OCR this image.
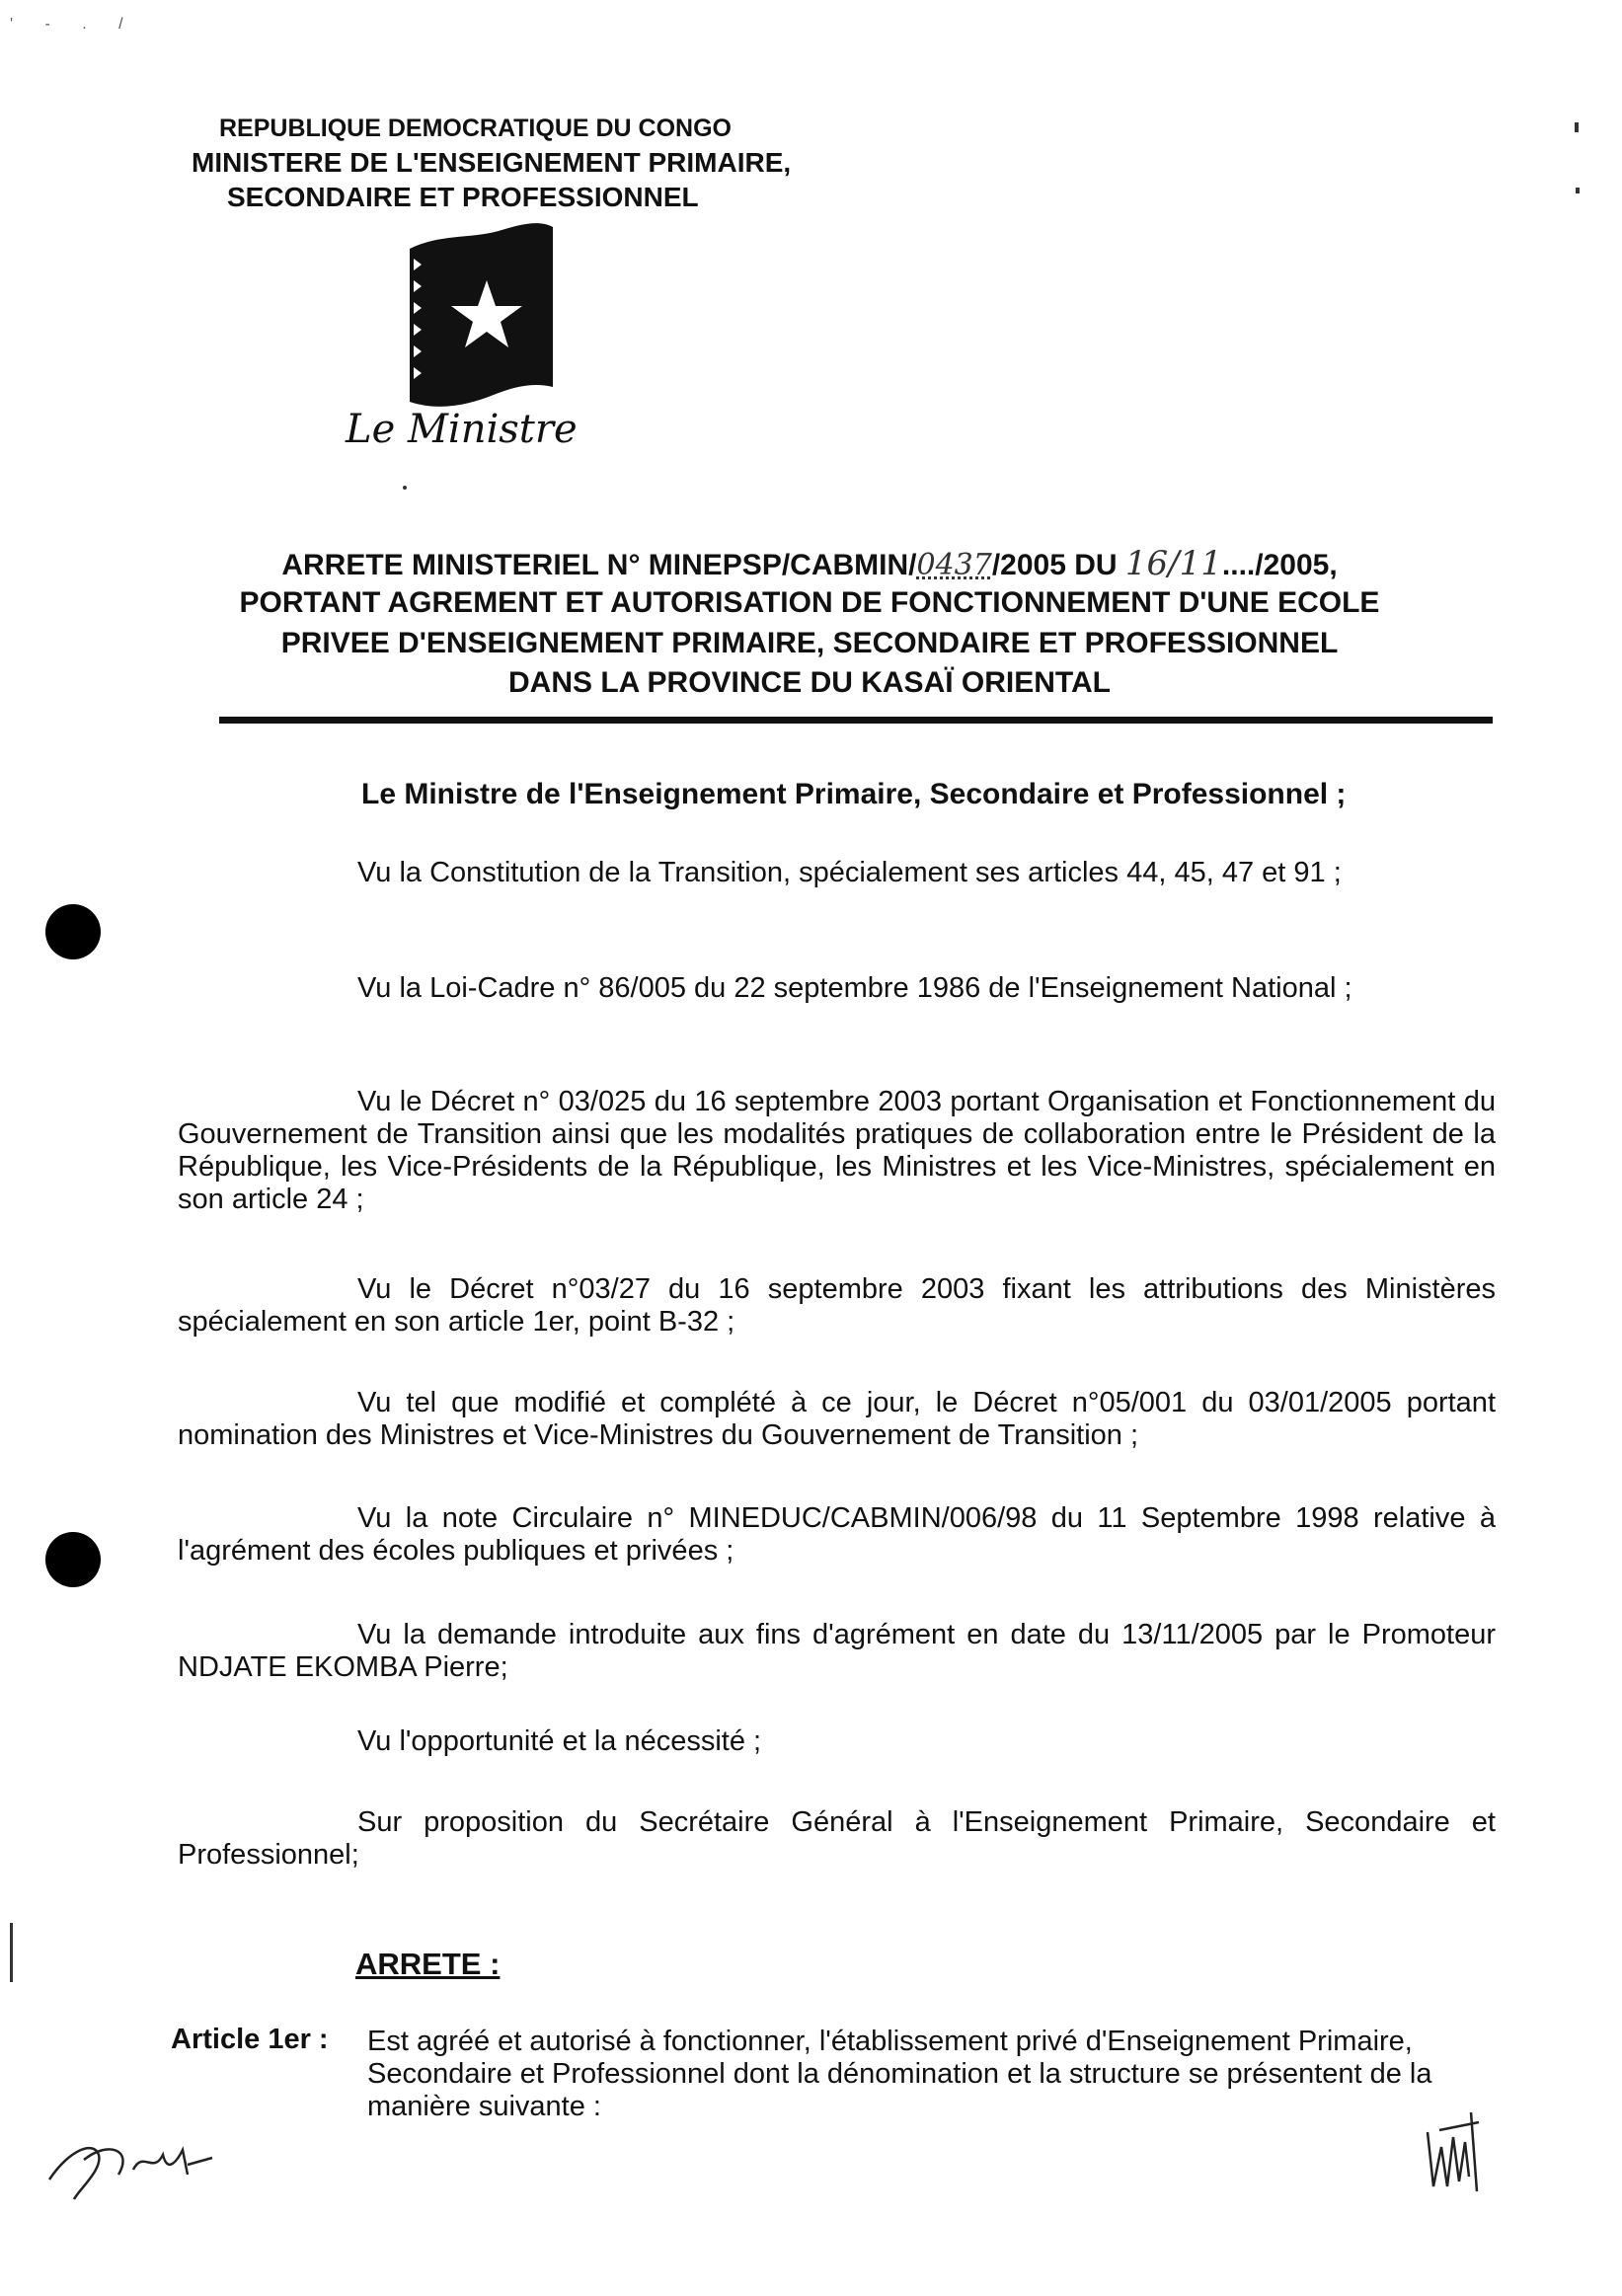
' - . /
REPUBLIQUE DEMOCRATIQUE DU CONGO
MINISTERE DE L'ENSEIGNEMENT PRIMAIRE,
SECONDAIRE ET PROFESSIONNEL
Le Ministre
ARRETE MINISTERIEL N° MINEPSP/CABMIN/0437/2005 DU 16/11..../2005,
PORTANT AGREMENT ET AUTORISATION DE FONCTIONNEMENT D'UNE ECOLE
PRIVEE D'ENSEIGNEMENT PRIMAIRE, SECONDAIRE ET PROFESSIONNEL
DANS LA PROVINCE DU KASAÏ ORIENTAL
Le Ministre de l'Enseignement Primaire, Secondaire et Professionnel ;
Vu la Constitution de la Transition, spécialement ses articles 44, 45, 47 et 91 ;
Vu la Loi-Cadre n° 86/005 du 22 septembre 1986 de l'Enseignement National ;
Vu le Décret n° 03/025 du 16 septembre 2003 portant Organisation et Fonctionnement du Gouvernement de Transition ainsi que les modalités pratiques de collaboration entre le Président de la République, les Vice-Présidents de la République, les Ministres et les Vice-Ministres, spécialement en son article 24 ;
Vu le Décret n°03/27 du 16 septembre 2003 fixant les attributions des Ministères spécialement en son article 1er, point B-32 ;
Vu tel que modifié et complété à ce jour, le Décret n°05/001 du 03/01/2005 portant nomination des Ministres et Vice-Ministres du Gouvernement de Transition ;
Vu la note Circulaire n° MINEDUC/CABMIN/006/98 du 11 Septembre 1998 relative à l'agrément des écoles publiques et privées ;
Vu la demande introduite aux fins d'agrément en date du 13/11/2005 par le Promoteur NDJATE EKOMBA Pierre;
Vu l'opportunité et la nécessité ;
Sur proposition du Secrétaire Général à l'Enseignement Primaire, Secondaire et Professionnel;
ARRETE :
Article 1er : Est agréé et autorisé à fonctionner, l'établissement privé d'Enseignement Primaire, Secondaire et Professionnel dont la dénomination et la structure se présentent de la manière suivante :
